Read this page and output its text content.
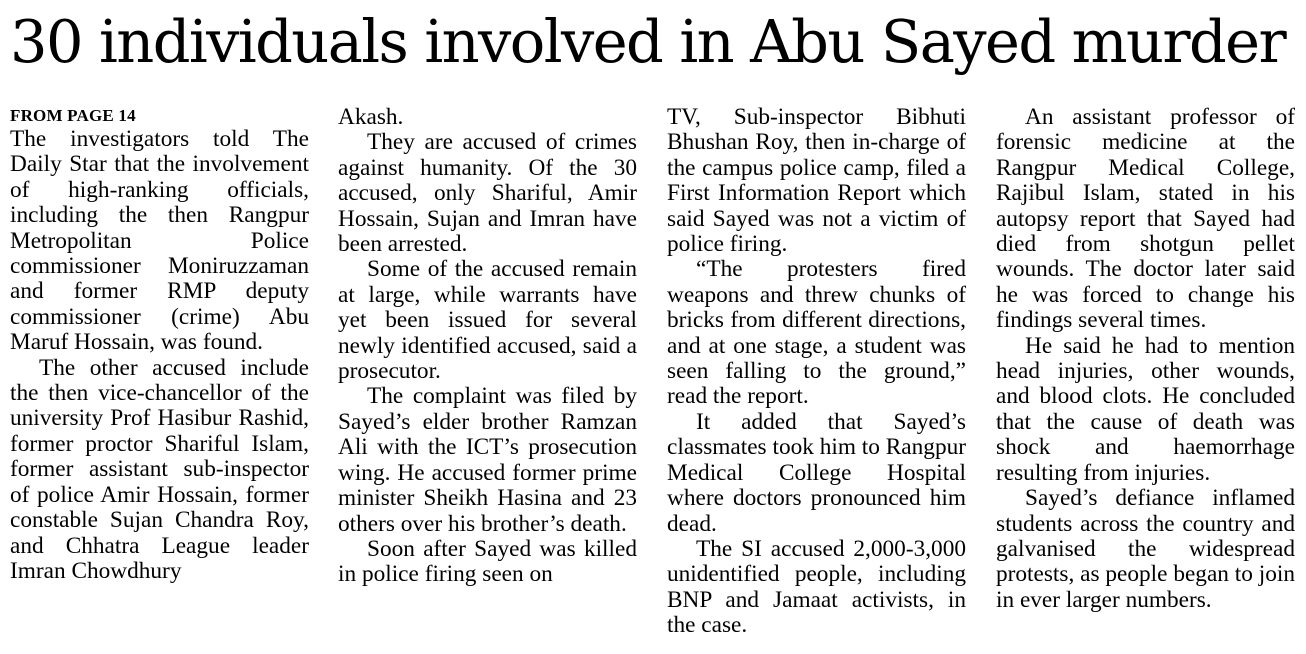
30 individuals involved in Abu Sayed murder
FROM PAGE 14

The investigators told The Daily Star that the involvement of high-ranking officials, including the then Rangpur Metropolitan Police commissioner Moniruzzaman and former RMP deputy commissioner (crime) Abu Maruf Hossain, was found.

The other accused include the then vice-chancellor of the university Prof Hasibur Rashid, former proctor Shariful Islam, former assistant sub-inspector of police Amir Hossain, former constable Sujan Chandra Roy, and Chhatra League leader Imran Chowdhury

Akash.

They are accused of crimes against humanity. Of the 30 accused, only Shariful, Amir Hossain, Sujan and Imran have been arrested.

Some of the accused remain at large, while warrants have yet been issued for several newly identified accused, said a prosecutor.

The complaint was filed by Sayed’s elder brother Ramzan Ali with the ICT’s prosecution wing. He accused former prime minister Sheikh Hasina and 23 others over his brother’s death.

Soon after Sayed was killed in police firing seen on

TV, Sub-inspector Bibhuti Bhushan Roy, then in-charge of the campus police camp, filed a First Information Report which said Sayed was not a victim of police firing.

“The protesters fired weapons and threw chunks of bricks from different directions, and at one stage, a student was seen falling to the ground,” read the report.

It added that Sayed’s classmates took him to Rangpur Medical College Hospital where doctors pronounced him dead.

The SI accused 2,000-3,000 unidentified people, including BNP and Jamaat activists, in the case.

An assistant professor of forensic medicine at the Rangpur Medical College, Rajibul Islam, stated in his autopsy report that Sayed had died from shotgun pellet wounds. The doctor later said he was forced to change his findings several times.

He said he had to mention head injuries, other wounds, and blood clots. He concluded that the cause of death was shock and haemorrhage resulting from injuries.

Sayed’s defiance inflamed students across the country and galvanised the widespread protests, as people began to join in ever larger numbers.
